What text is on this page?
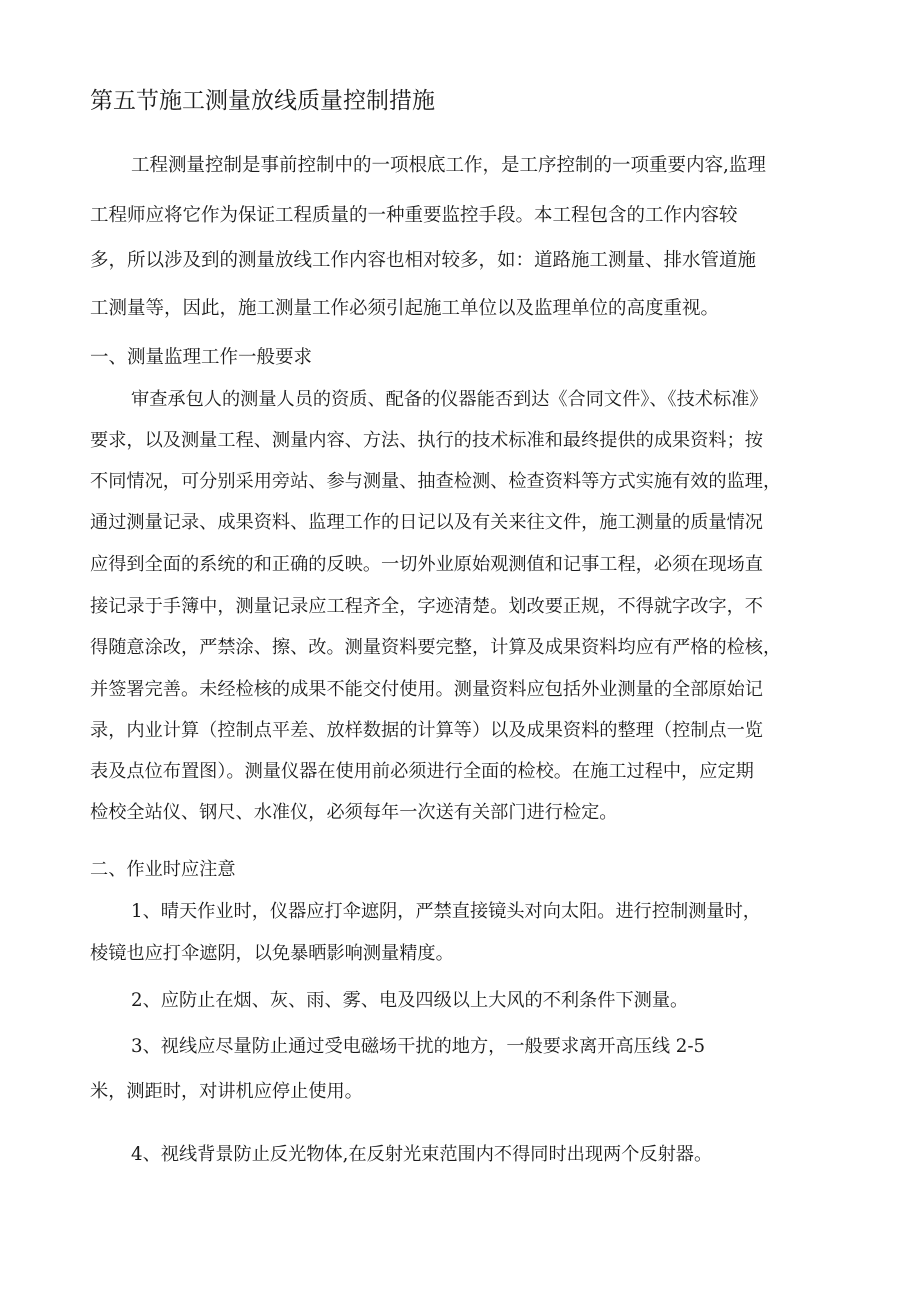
第五节施工测量放线质量控制措施

工程测量控制是事前控制中的一项根底工作，是工序控制的一项重要内容,监理

工程师应将它作为保证工程质量的一种重要监控手段。本工程包含的工作内容较

多，所以涉及到的测量放线工作内容也相对较多，如：道路施工测量、排水管道施

工测量等，因此，施工测量工作必须引起施工单位以及监理单位的高度重视。

一、测量监理工作一般要求

审查承包人的测量人员的资质、配备的仪器能否到达《合同文件》、《技术标准》

要求，以及测量工程、测量内容、方法、执行的技术标准和最终提供的成果资料；按

不同情况，可分别采用旁站、参与测量、抽查检测、检查资料等方式实施有效的监理，

通过测量记录、成果资料、监理工作的日记以及有关来往文件，施工测量的质量情况

应得到全面的系统的和正确的反映。一切外业原始观测值和记事工程，必须在现场直

接记录于手簿中，测量记录应工程齐全，字迹清楚。划改要正规，不得就字改字，不

得随意涂改，严禁涂、擦、改。测量资料要完整，计算及成果资料均应有严格的检核，

并签署完善。未经检核的成果不能交付使用。测量资料应包括外业测量的全部原始记

录，内业计算（控制点平差、放样数据的计算等）以及成果资料的整理（控制点一览

表及点位布置图）。测量仪器在使用前必须进行全面的检校。在施工过程中，应定期

检校全站仪、钢尺、水准仪，必须每年一次送有关部门进行检定。

二、作业时应注意

1、晴天作业时，仪器应打伞遮阴，严禁直接镜头对向太阳。进行控制测量时，

棱镜也应打伞遮阴，以免暴晒影响测量精度。

2、应防止在烟、灰、雨、雾、电及四级以上大风的不利条件下测量。

3、视线应尽量防止通过受电磁场干扰的地方，一般要求离开高压线 2-5

米，测距时，对讲机应停止使用。

4、视线背景防止反光物体,在反射光束范围内不得同时出现两个反射器。
